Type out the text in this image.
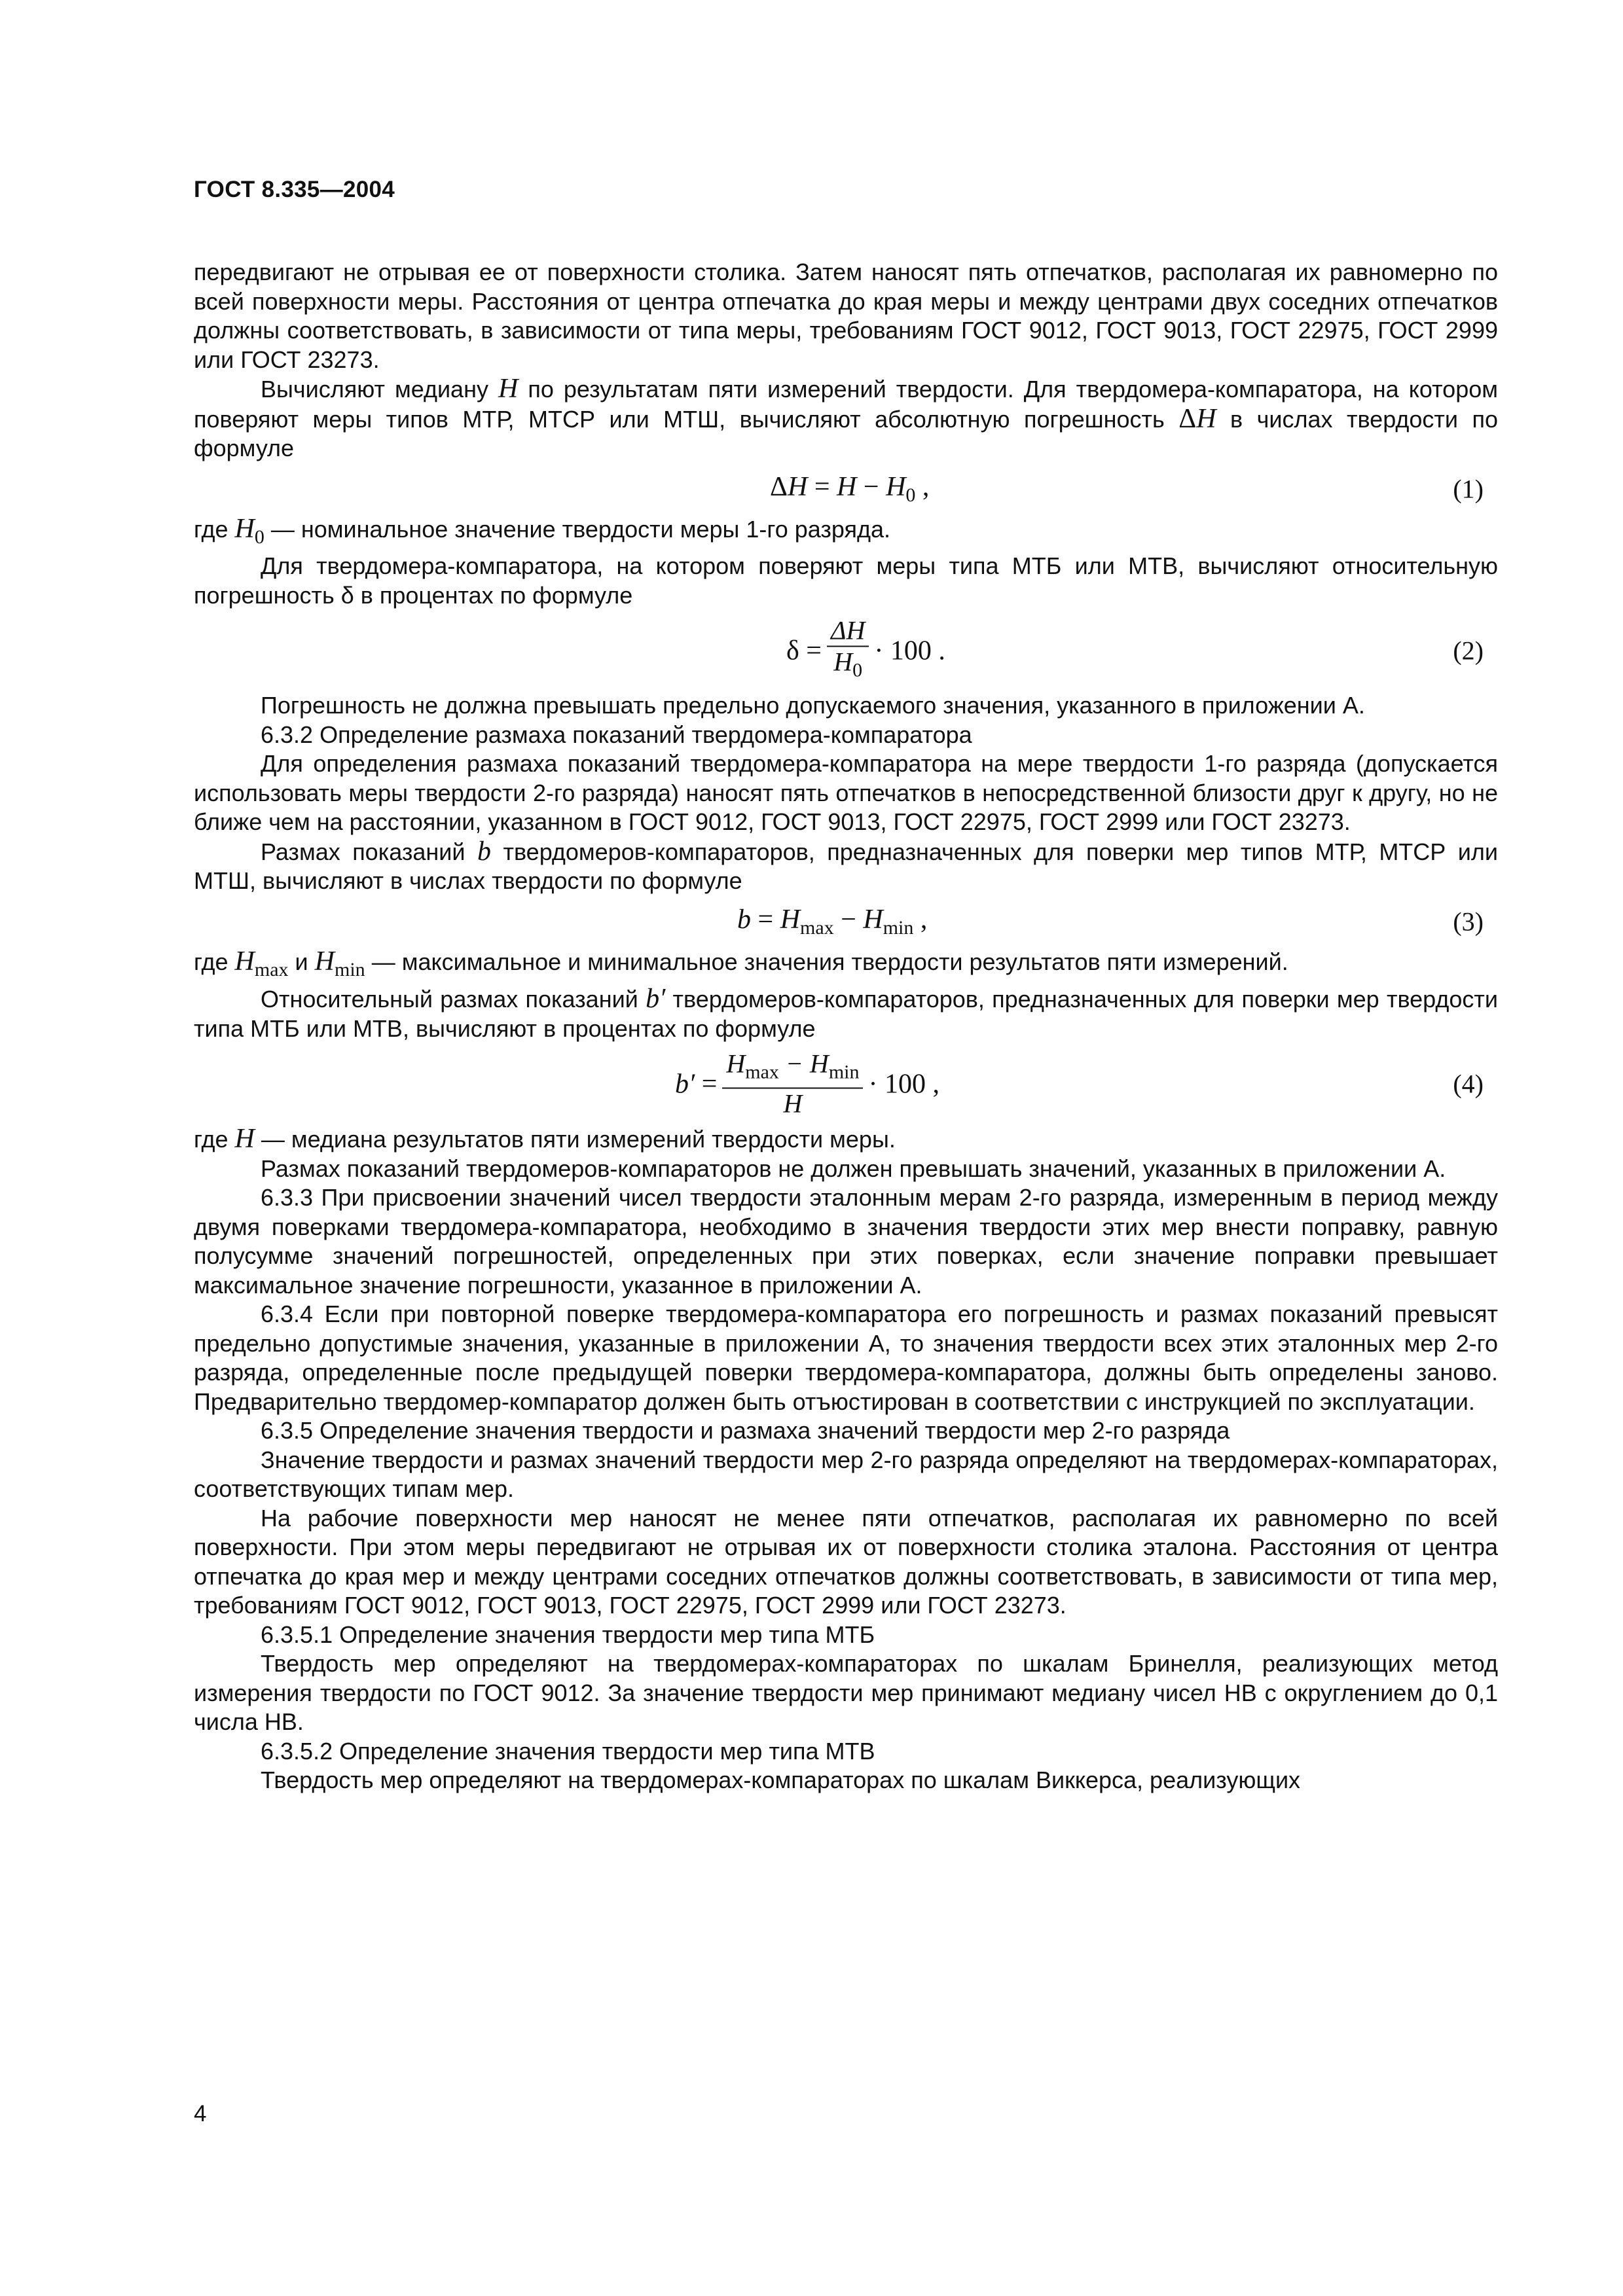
ГОСТ 8.335—2004

передвигают не отрывая ее от поверхности столика. Затем наносят пять отпечатков, располагая их равномерно по всей поверхности меры. Расстояния от центра отпечатка до края меры и между центрами двух соседних отпечатков должны соответствовать, в зависимости от типа меры, требованиям ГОСТ 9012, ГОСТ 9013, ГОСТ 22975, ГОСТ 2999 или ГОСТ 23273.

Вычисляют медиану H по результатам пяти измерений твердости. Для твердомера-компаратора, на котором поверяют меры типов МТР, МТСР или МТШ, вычисляют абсолютную погрешность ΔH в числах твердости по формуле

$\Delta H = H - H_0$ ,	(1)

где $H_0$ — номинальное значение твердости меры 1-го разряда.

Для твердомера-компаратора, на котором поверяют меры типа МТБ или МТВ, вычисляют относительную погрешность δ в процентах по формуле

$\delta = \frac{\Delta H}{H_0} \cdot 100$ .	(2)

Погрешность не должна превышать предельно допускаемого значения, указанного в приложении А.

6.3.2 Определение размаха показаний твердомера-компаратора

Для определения размаха показаний твердомера-компаратора на мере твердости 1-го разряда (допускается использовать меры твердости 2-го разряда) наносят пять отпечатков в непосредственной близости друг к другу, но не ближе чем на расстоянии, указанном в ГОСТ 9012, ГОСТ 9013, ГОСТ 22975, ГОСТ 2999 или ГОСТ 23273.

Размах показаний b твердомеров-компараторов, предназначенных для поверки мер типов МТР, МТСР или МТШ, вычисляют в числах твердости по формуле

$b = H_{max} - H_{min}$ ,	(3)

где $H_{max}$ и $H_{min}$ — максимальное и минимальное значения твердости результатов пяти измерений.

Относительный размах показаний b′ твердомеров-компараторов, предназначенных для поверки мер твердости типа МТБ или МТВ, вычисляют в процентах по формуле

$b' = \frac{H_{max} - H_{min}}{H} \cdot 100$ ,	(4)

где H — медиана результатов пяти измерений твердости меры.

Размах показаний твердомеров-компараторов не должен превышать значений, указанных в приложении А.

6.3.3 При присвоении значений чисел твердости эталонным мерам 2-го разряда, измеренным в период между двумя поверками твердомера-компаратора, необходимо в значения твердости этих мер внести поправку, равную полусумме значений погрешностей, определенных при этих поверках, если значение поправки превышает максимальное значение погрешности, указанное в приложении А.

6.3.4 Если при повторной поверке твердомера-компаратора его погрешность и размах показаний превысят предельно допустимые значения, указанные в приложении А, то значения твердости всех этих эталонных мер 2-го разряда, определенные после предыдущей поверки твердомера-компаратора, должны быть определены заново. Предварительно твердомер-компаратор должен быть отъюстирован в соответствии с инструкцией по эксплуатации.

6.3.5 Определение значения твердости и размаха значений твердости мер 2-го разряда

Значение твердости и размах значений твердости мер 2-го разряда определяют на твердомерах-компараторах, соответствующих типам мер.

На рабочие поверхности мер наносят не менее пяти отпечатков, располагая их равномерно по всей поверхности. При этом меры передвигают не отрывая их от поверхности столика эталона. Расстояния от центра отпечатка до края мер и между центрами соседних отпечатков должны соответствовать, в зависимости от типа мер, требованиям ГОСТ 9012, ГОСТ 9013, ГОСТ 22975, ГОСТ 2999 или ГОСТ 23273.

6.3.5.1 Определение значения твердости мер типа МТБ

Твердость мер определяют на твердомерах-компараторах по шкалам Бринелля, реализующих метод измерения твердости по ГОСТ 9012. За значение твердости мер принимают медиану чисел НВ с округлением до 0,1 числа НВ.

6.3.5.2 Определение значения твердости мер типа МТВ

Твердость мер определяют на твердомерах-компараторах по шкалам Виккерса, реализующих

4
